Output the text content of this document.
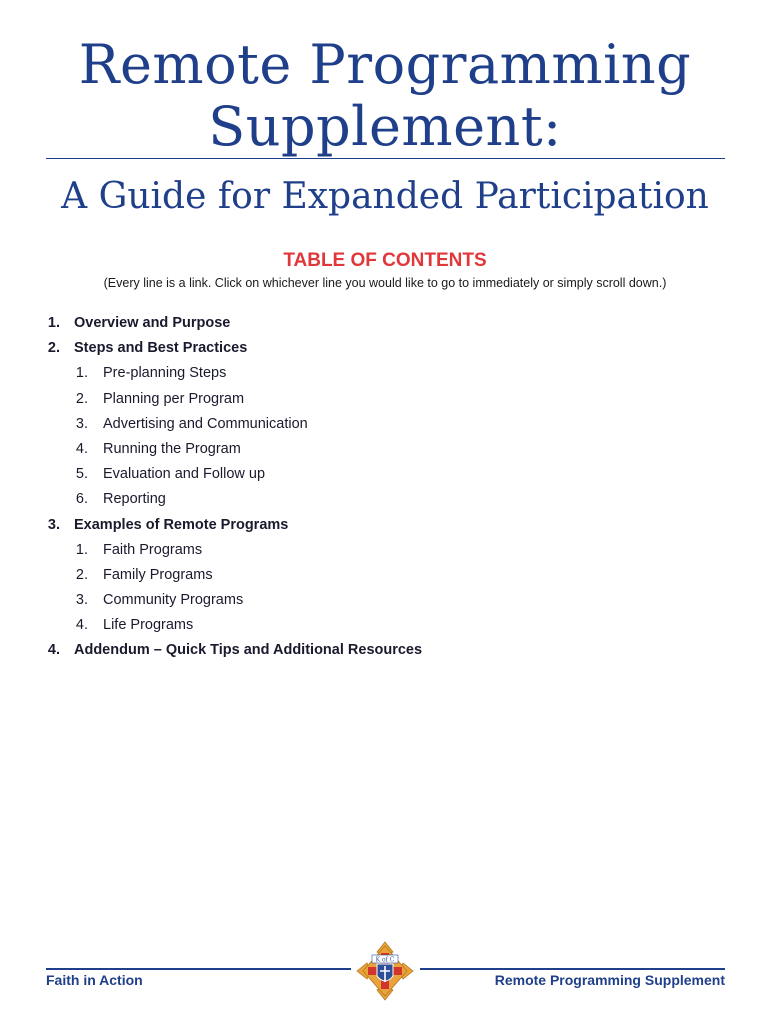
Remote Programming
Supplement:
A Guide for Expanded Participation
TABLE OF CONTENTS
(Every line is a link. Click on whichever line you would like to go to immediately or simply scroll down.)
1. Overview and Purpose
2. Steps and Best Practices
1. Pre-planning Steps
2. Planning per Program
3. Advertising and Communication
4. Running the Program
5. Evaluation and Follow up
6. Reporting
3. Examples of Remote Programs
1. Faith Programs
2. Family Programs
3. Community Programs
4. Life Programs
4. Addendum – Quick Tips and Additional Resources
Faith in Action	Remote Programming Supplement
K of C
